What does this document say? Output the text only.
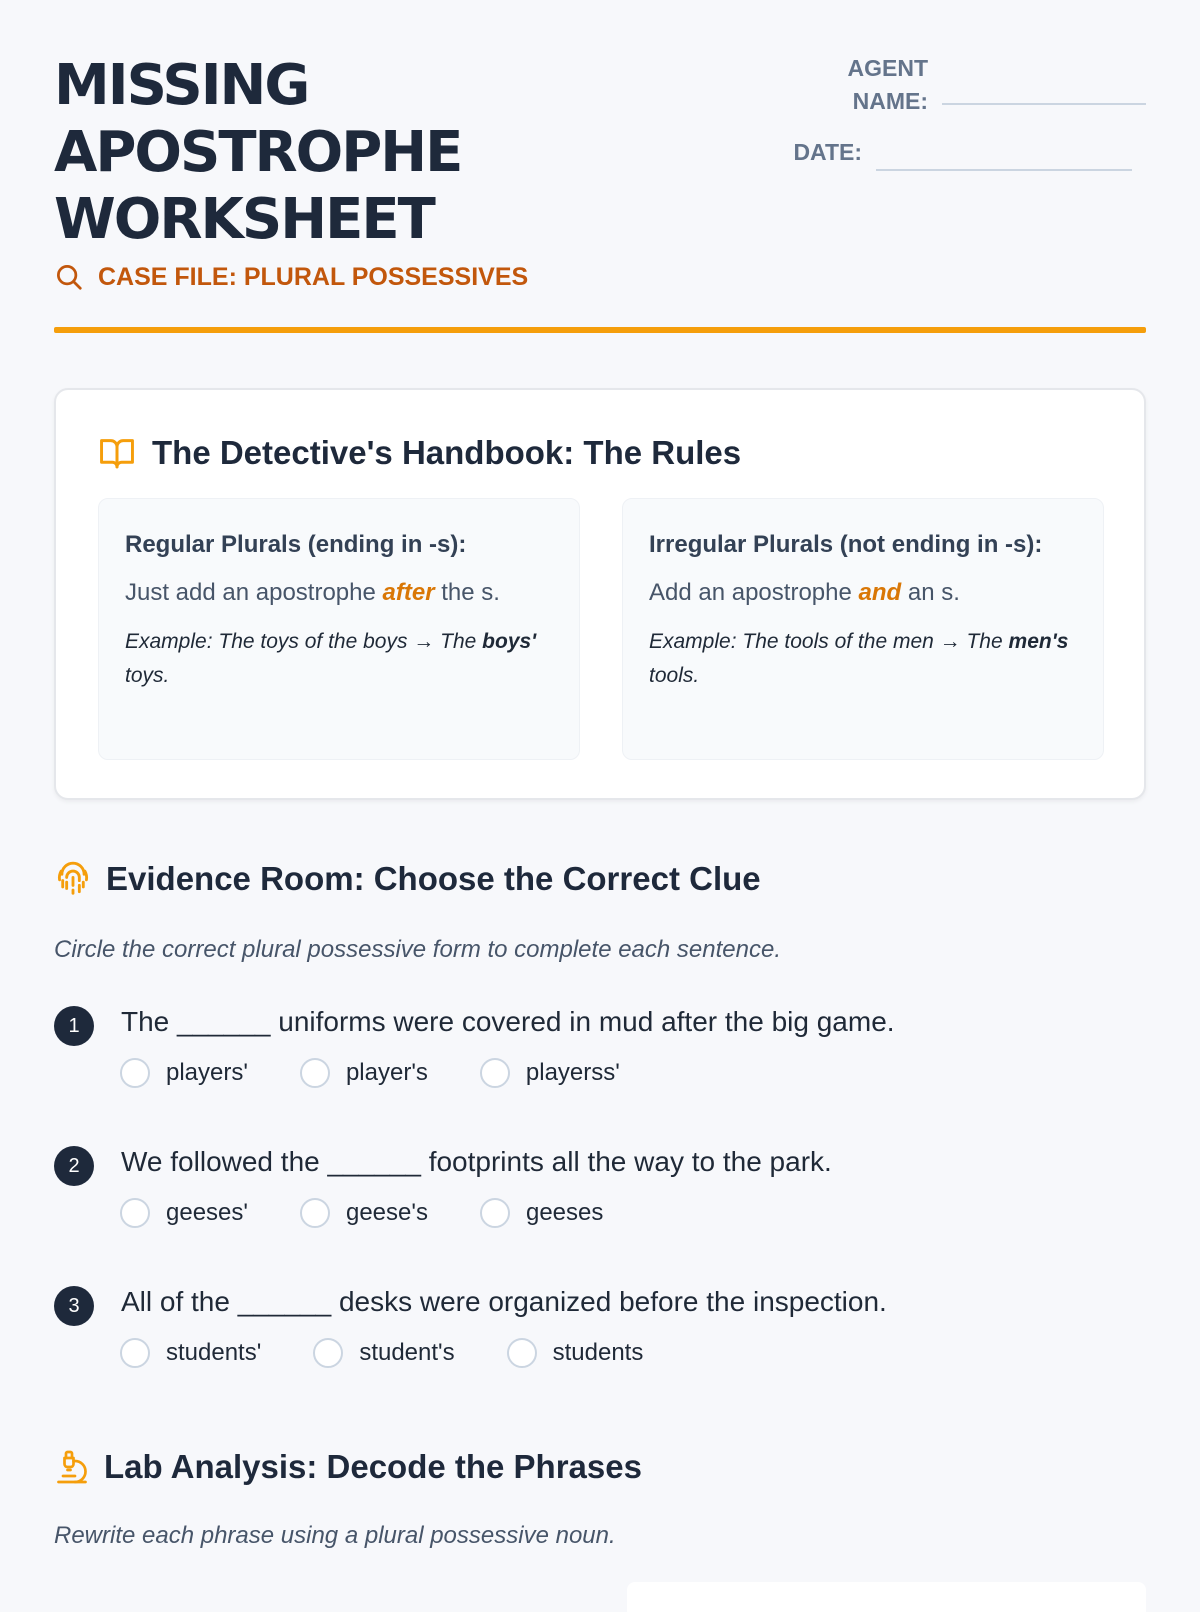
MISSING
APOSTROPHE
WORKSHEET
CASE FILE: PLURAL POSSESSIVES
AGENT
NAME:
DATE:
The Detective's Handbook: The Rules
Regular Plurals (ending in -s):

Just add an apostrophe after the s.

Example: The toys of the boys → The boys' toys.

Irregular Plurals (not ending in -s):

Add an apostrophe and an s.

Example: The tools of the men → The men's tools.

Evidence Room: Choose the Correct Clue
Circle the correct plural possessive form to complete each sentence.
1	The ______ uniforms were covered in mud after the big game.
players'	player's	playerss'
2	We followed the ______ footprints all the way to the park.
geeses'	geese's	geeses
3	All of the ______ desks were organized before the inspection.
students'	student's	students
Lab Analysis: Decode the Phrases
Rewrite each phrase using a plural possessive noun.
